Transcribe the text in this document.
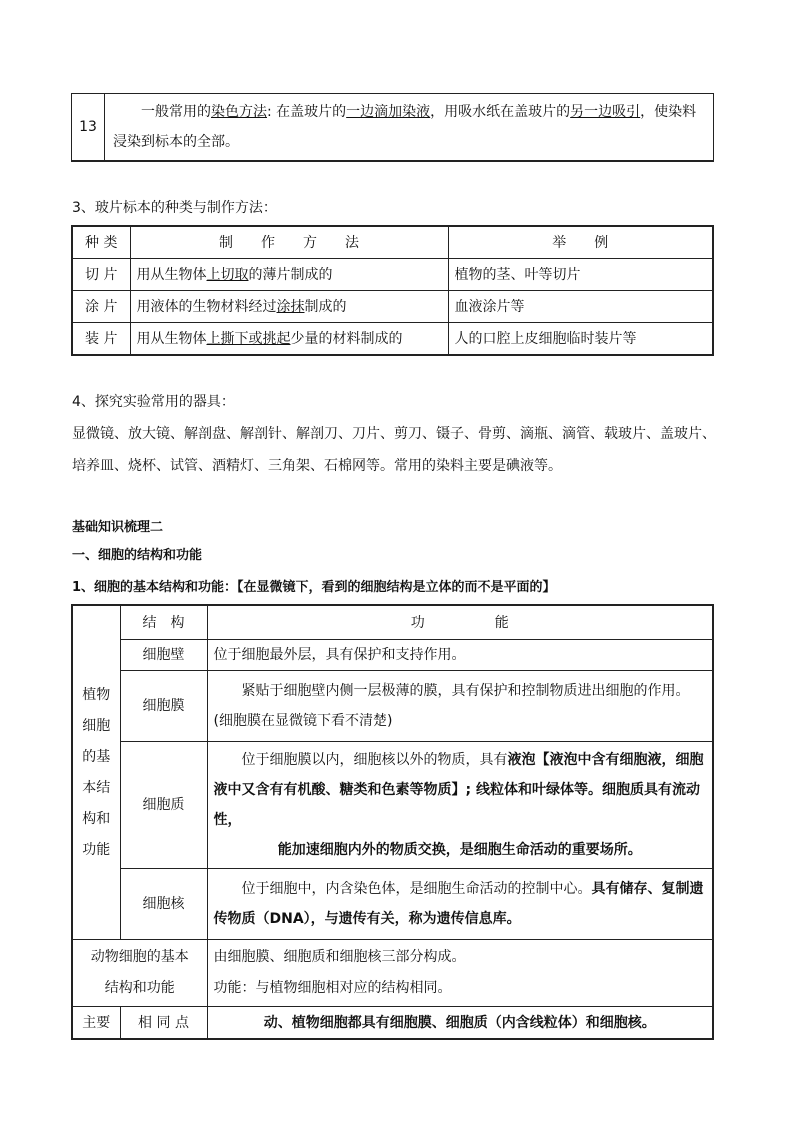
13	一般常用的染色方法: 在盖玻片的一边滴加染液，用吸水纸在盖玻片的另一边吸引，使染料浸染到标本的全部。
3、玻片标本的种类与制作方法：
种 类	制　　作　　方　　法	举　　例
切 片	用从生物体上切取的薄片制成的	植物的茎、叶等切片
涂 片	用液体的生物材料经过涂抹制成的	血液涂片等
装 片	用从生物体上撕下或挑起少量的材料制成的	人的口腔上皮细胞临时装片等
4、探究实验常用的器具：
显微镜、放大镜、解剖盘、解剖针、解剖刀、刀片、剪刀、镊子、骨剪、滴瓶、滴管、载玻片、盖玻片、培养皿、烧杯、试管、酒精灯、三角架、石棉网等。常用的染料主要是碘液等。
基础知识梳理二
一、细胞的结构和功能
1、细胞的基本结构和功能：【在显微镜下，看到的细胞结构是立体的而不是平面的】
植物细胞的基本结构和功能	结　构	功　　　　　能
	细胞壁	位于细胞最外层，具有保护和支持作用。
	细胞膜	紧贴于细胞壁内侧一层极薄的膜，具有保护和控制物质进出细胞的作用。(细胞膜在显微镜下看不清楚)
	细胞质	位于细胞膜以内，细胞核以外的物质，具有液泡【液泡中含有细胞液，细胞液中又含有有机酸、糖类和色素等物质】; 线粒体和叶绿体等。细胞质具有流动性，
能加速细胞内外的物质交换，是细胞生命活动的重要场所。

	细胞核	位于细胞中，内含染色体，是细胞生命活动的控制中心。具有储存、复制遗传物质（DNA），与遗传有关，称为遗传信息库。
动物细胞的基本结构和功能		由细胞膜、细胞质和细胞核三部分构成。
功能：与植物细胞相对应的结构相同。

主要	相 同 点	动、植物细胞都具有细胞膜、细胞质（内含线粒体）和细胞核。
